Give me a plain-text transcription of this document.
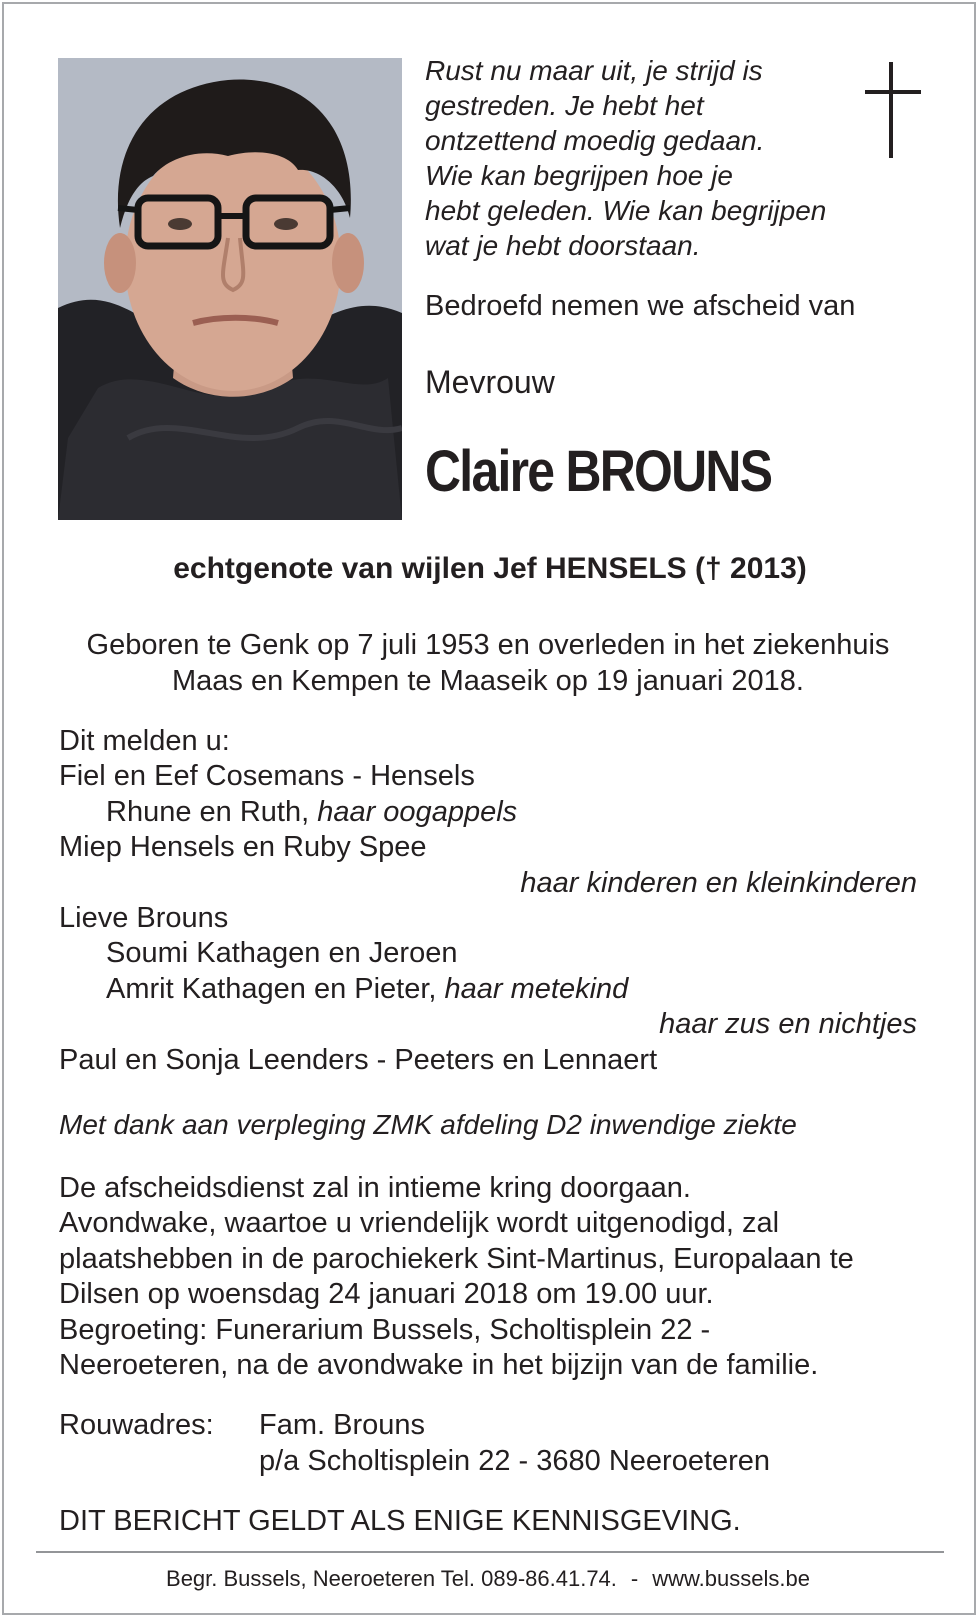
Rust nu maar uit, je strijd is
gestreden. Je hebt het
ontzettend moedig gedaan.
Wie kan begrijpen hoe je
hebt geleden. Wie kan begrijpen
wat je hebt doorstaan.
Bedroefd nemen we afscheid van
Mevrouw
Claire BROUNS
echtgenote van wijlen Jef HENSELS († 2013)
Geboren te Genk op 7 juli 1953 en overleden in het ziekenhuis
Maas en Kempen te Maaseik op 19 januari 2018.
Dit melden u:
Fiel en Eef Cosemans - Hensels
Rhune en Ruth, haar oogappels
Miep Hensels en Ruby Spee
haar kinderen en kleinkinderen
Lieve Brouns
Soumi Kathagen en Jeroen
Amrit Kathagen en Pieter, haar metekind
haar zus en nichtjes
Paul en Sonja Leenders - Peeters en Lennaert
Met dank aan verpleging ZMK afdeling D2 inwendige ziekte
De afscheidsdienst zal in intieme kring doorgaan.
Avondwake, waartoe u vriendelijk wordt uitgenodigd, zal
plaatshebben in de parochiekerk Sint-Martinus, Europalaan te
Dilsen op woensdag 24 januari 2018 om 19.00 uur.
Begroeting: Funerarium Bussels, Scholtisplein 22 -
Neeroeteren, na de avondwake in het bijzijn van de familie.
Rouwadres: Fam. Brouns
p/a Scholtisplein 22 - 3680 Neeroeteren
DIT BERICHT GELDT ALS ENIGE KENNISGEVING.
Begr. Bussels, Neeroeteren Tel. 089-86.41.74. - www.bussels.be
